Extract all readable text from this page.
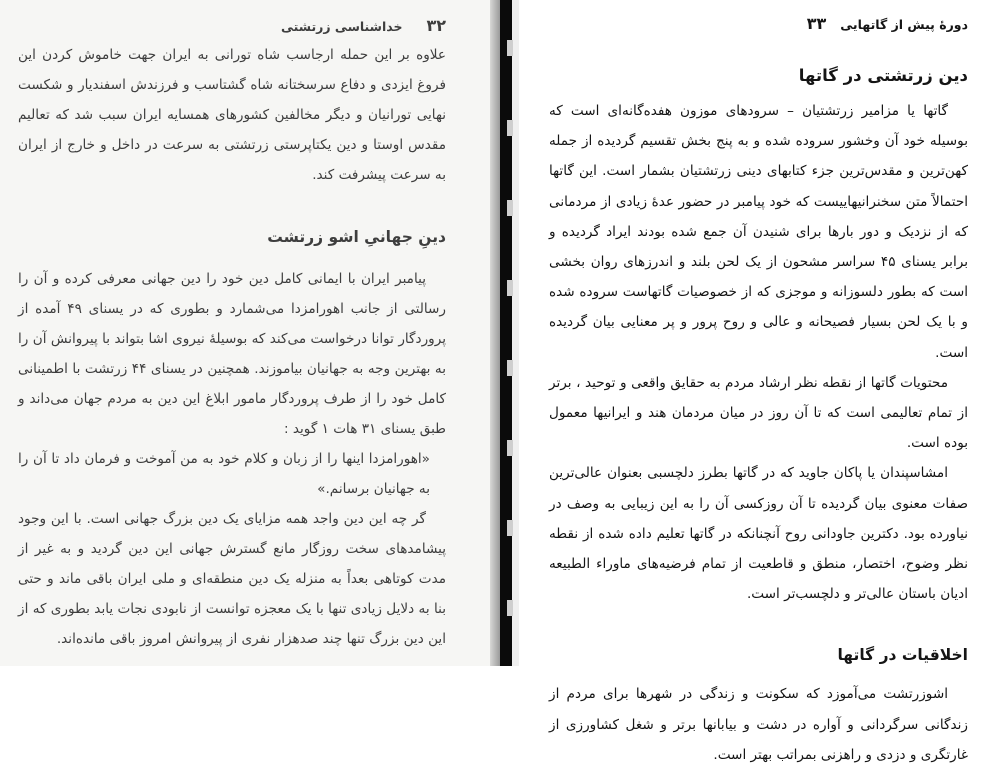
۳۲
خداشناسی زرتشتی

علاوه بر این حمله ارجاسب شاه تورانی به ایران جهت خاموش کردن این فروغ ایزدی و دفاع سرسختانه شاه گشتاسب و فرزندش اسفندیار و شکست نهایی تورانیان و دیگر مخالفین کشورهای همسایه ایران سبب شد که تعالیم مقدس اوستا و دین یکتاپرستی زرتشتی به سرعت در داخل و خارج از ایران به سرعت پیشرفت کند.

دینِ جهانیِ اشو زرتشت

پیامبر ایران با ایمانی کامل دین خود را دین جهانی معرفی کرده و آن را رسالتی از جانب اهورامزدا می‌شمارد و بطوری که در یسنای ۴۹ آمده از پروردگار توانا درخواست می‌کند که بوسیلهٔ نیروی اشا بتواند با پیروانش آن را به بهترین وجه به جهانیان بیاموزند. همچنین در یسنای ۴۴ زرتشت با اطمینانی کامل خود را از طرف پروردگار مامور ابلاغ این دین به مردم جهان می‌داند و طبق یسنای ۳۱ هات ۱ گوید :

«اهورامزدا اینها را از زبان و کلام خود به من آموخت و فرمان داد تا آن را به جهانیان برسانم.»

گر چه این دین واجد همه مزایای یک دین بزرگ جهانی است. با این وجود پیشامدهای سخت روزگار مانع گسترش جهانی این دین گردید و به غیر از مدت کوتاهی بعداً به منزله یک دین منطقه‌ای و ملی ایران باقی ماند و حتی بنا به دلایل زیادی تنها با یک معجزه توانست از نابودی نجات یابد بطوری که از این دین بزرگ تنها چند صدهزار نفری از پیروانش امروز باقی مانده‌اند.

دورهٔ پیش از گاتهایی
۳۳
دین زرتشتی در گاتها

گاتها یا مزامیر زرتشتیان – سرودهای موزون هفده‌گانه‌ای است که بوسیله خود آن وخشور سروده شده و به پنج بخش تقسیم گردیده از جمله کهن‌ترین و مقدس‌ترین جزء کتابهای دینی زرتشتیان بشمار است. این گاتها احتمالاً متن سخنرانیهاییست که خود پیامبر در حضور عدهٔ زیادی از مردمانی که از نزدیک و دور بارها برای شنیدن آن جمع شده بودند ایراد گردیده و برابر یسنای ۴۵ سراسر مشحون از یک لحن بلند و اندرزهای روان بخشی است که بطور دلسوزانه و موجزی که از خصوصیات گاتهاست سروده شده و با یک لحن بسیار فصیحانه و عالی و روح پرور و پر معنایی بیان گردیده است.

محتویات گاتها از نقطه نظر ارشاد مردم به حقایق واقعی و توحید ، برتر از تمام تعالیمی است که تا آن روز در میان مردمان هند و ایرانیها معمول بوده است.

امشاسپندان یا پاکان جاوید که در گاتها بطرز دلچسبی بعنوان عالی‌ترین صفات معنوی بیان گردیده تا آن روزکسی آن را به این زیبایی به وصف در نیاورده بود. دکترین جاودانی روح آنچنانکه در گاتها تعلیم داده شده از نقطه نظر وضوح، اختصار، منطق و قاطعیت از تمام فرضیه‌های ماوراء الطبیعه ادیان باستان عالی‌تر و دلچسب‌تر است.

اخلاقیات در گاتها

اشوزرتشت می‌آموزد که سکونت و زندگی در شهرها برای مردم از زندگانی سرگردانی و آواره در دشت و بیابانها برتر و شغل کشاورزی از غارتگری و دزدی و راهزنی بمراتب بهتر است.
